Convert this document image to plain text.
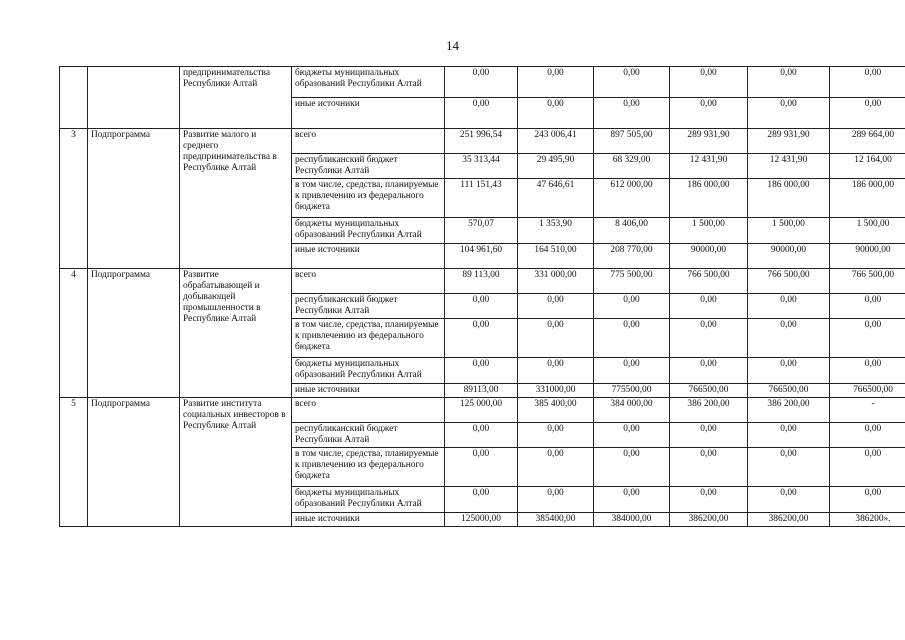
14
		предпринимательства Республики Алтай	бюджеты муниципальных образований Республики Алтай	0,00	0,00	0,00	0,00	0,00	0,00
			иные источники	0,00	0,00	0,00	0,00	0,00	0,00
3	Подпрограмма	Развитие малого и среднего предпринимательства в Республике Алтай	всего	251 996,54	243 006,41	897 505,00	289 931,90	289 931,90	289 664,00
			республиканский бюджет Республики Алтай	35 313,44	29 495,90	68 329,00	12 431,90	12 431,90	12 164,00
			в том числе, средства, планируемые к привлечению из федерального бюджета	111 151,43	47 646,61	612 000,00	186 000,00	186 000,00	186 000,00
			бюджеты муниципальных образований Республики Алтай	570,07	1 353,90	8 406,00	1 500,00	1 500,00	1 500,00
			иные источники	104 961,60	164 510,00	208 770,00	90000,00	90000,00	90000,00
4	Подпрограмма	Развитие обрабатывающей и добывающей промышленности в Республике Алтай	всего	89 113,00	331 000,00	775 500,00	766 500,00	766 500,00	766 500,00
			республиканский бюджет Республики Алтай	0,00	0,00	0,00	0,00	0,00	0,00
			в том числе, средства, планируемые к привлечению из федерального бюджета	0,00	0,00	0,00	0,00	0,00	0,00
			бюджеты муниципальных образований Республики Алтай	0,00	0,00	0,00	0,00	0,00	0,00
			иные источники	89113,00	331000,00	775500,00	766500,00	766500,00	766500,00
5	Подпрограмма	Развитие института социальных инвесторов в Республике Алтай	всего	125 000,00	385 400,00	384 000,00	386 200,00	386 200,00	-
			республиканский бюджет Республики Алтай	0,00	0,00	0,00	0,00	0,00	0,00
			в том числе, средства, планируемые к привлечению из федерального бюджета	0,00	0,00	0,00	0,00	0,00	0,00
			бюджеты муниципальных образований Республики Алтай	0,00	0,00	0,00	0,00	0,00	0,00
			иные источники	125000,00	385400,00	384000,00	386200,00	386200,00	386200».
